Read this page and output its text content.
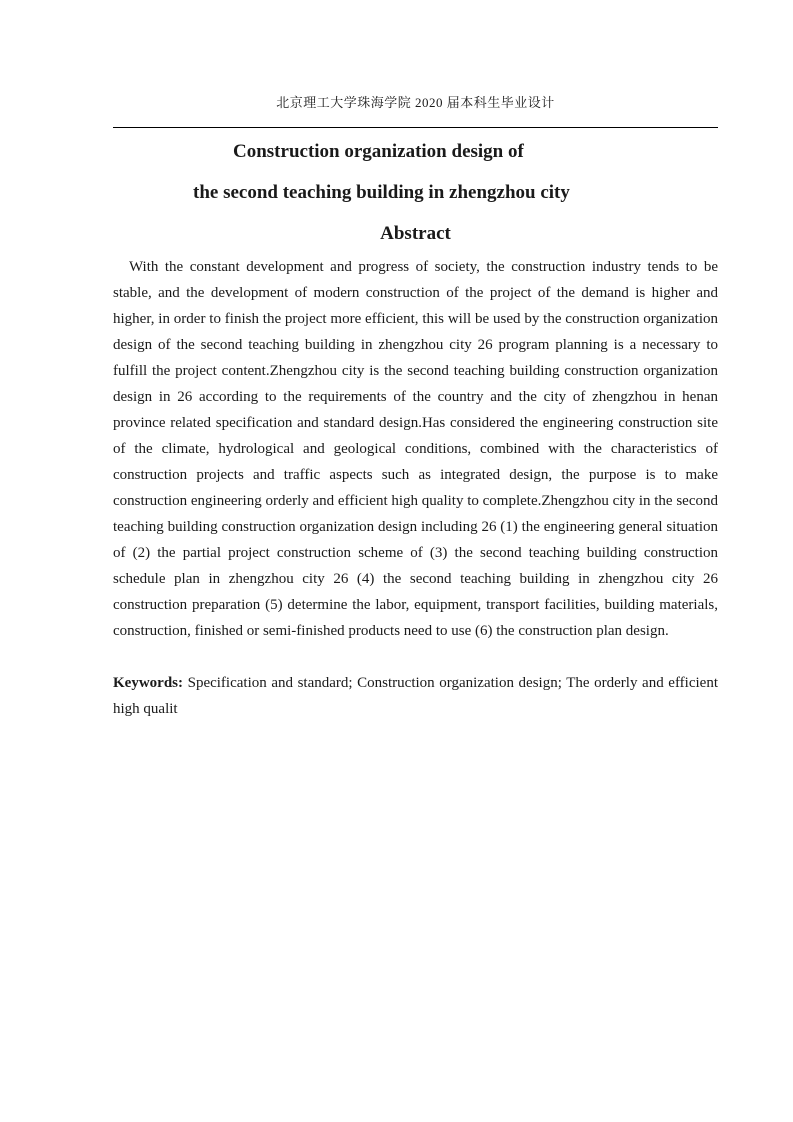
北京理工大学珠海学院 2020 届本科生毕业设计
Construction organization design of
the second teaching building in zhengzhou city
Abstract

With the constant development and progress of society, the construction industry tends to be stable, and the development of modern construction of the project of the demand is higher and higher, in order to finish the project more efficient, this will be used by the construction organization design of the second teaching building in zhengzhou city 26 program planning is a necessary to fulfill the project content.Zhengzhou city is the second teaching building construction organization design in 26 according to the requirements of the country and the city of zhengzhou in henan province related specification and standard design.Has considered the engineering construction site of the climate, hydrological and geological conditions, combined with the characteristics of construction projects and traffic aspects such as integrated design, the purpose is to make construction engineering orderly and efficient high quality to complete.Zhengzhou city in the second teaching building construction organization design including 26 (1) the engineering general situation of (2) the partial project construction scheme of (3) the second teaching building construction schedule plan in zhengzhou city 26 (4) the second teaching building in zhengzhou city 26 construction preparation (5) determine the labor, equipment, transport facilities, building materials, construction, finished or semi-finished products need to use (6) the construction plan design.

Keywords: Specification and standard; Construction organization design; The orderly and efficient high qualit
